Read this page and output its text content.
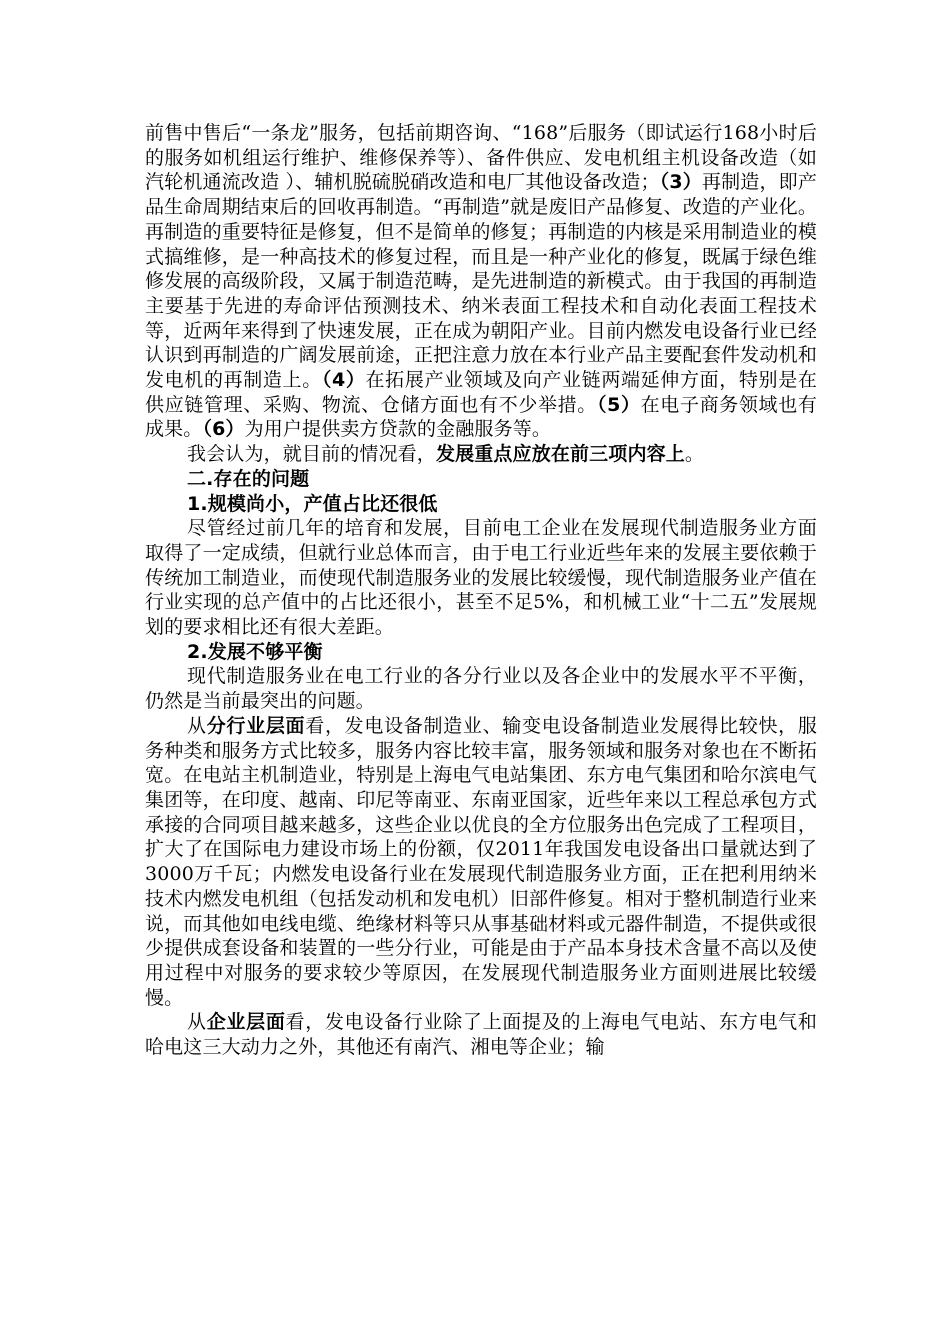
前售中售后“一条龙”服务，包括前期咨询、“168”后服务（即试运行168小时后的服务如机组运行维护、维修保养等）、备件供应、发电机组主机设备改造（如汽轮机通流改造 ）、辅机脱硫脱硝改造和电厂其他设备改造；（3）再制造，即产品生命周期结束后的回收再制造。“再制造”就是废旧产品修复、改造的产业化。再制造的重要特征是修复，但不是简单的修复；再制造的内核是采用制造业的模式搞维修，是一种高技术的修复过程，而且是一种产业化的修复，既属于绿色维修发展的高级阶段，又属于制造范畴，是先进制造的新模式。由于我国的再制造主要基于先进的寿命评估预测技术、纳米表面工程技术和自动化表面工程技术等，近两年来得到了快速发展，正在成为朝阳产业。目前内燃发电设备行业已经认识到再制造的广阔发展前途，正把注意力放在本行业产品主要配套件发动机和发电机的再制造上。（4）在拓展产业领域及向产业链两端延伸方面，特别是在供应链管理、采购、物流、仓储方面也有不少举措。（5）在电子商务领域也有成果。（6）为用户提供卖方贷款的金融服务等。

我会认为，就目前的情况看，发展重点应放在前三项内容上。

二.存在的问题

1.规模尚小，产值占比还很低

尽管经过前几年的培育和发展，目前电工企业在发展现代制造服务业方面取得了一定成绩，但就行业总体而言，由于电工行业近些年来的发展主要依赖于传统加工制造业，而使现代制造服务业的发展比较缓慢，现代制造服务业产值在行业实现的总产值中的占比还很小，甚至不足5%，和机械工业“十二五”发展规划的要求相比还有很大差距。

2.发展不够平衡

现代制造服务业在电工行业的各分行业以及各企业中的发展水平不平衡，仍然是当前最突出的问题。

从分行业层面看，发电设备制造业、输变电设备制造业发展得比较快，服务种类和服务方式比较多，服务内容比较丰富，服务领域和服务对象也在不断拓宽。在电站主机制造业，特别是上海电气电站集团、东方电气集团和哈尔滨电气集团等，在印度、越南、印尼等南亚、东南亚国家，近些年来以工程总承包方式承接的合同项目越来越多，这些企业以优良的全方位服务出色完成了工程项目，扩大了在国际电力建设市场上的份额，仅2011年我国发电设备出口量就达到了3000万千瓦；内燃发电设备行业在发展现代制造服务业方面，正在把利用纳米技术内燃发电机组（包括发动机和发电机）旧部件修复。相对于整机制造行业来说，而其他如电线电缆、绝缘材料等只从事基础材料或元器件制造，不提供或很少提供成套设备和装置的一些分行业，可能是由于产品本身技术含量不高以及使用过程中对服务的要求较少等原因，在发展现代制造服务业方面则进展比较缓慢。

从企业层面看，发电设备行业除了上面提及的上海电气电站、东方电气和哈电这三大动力之外，其他还有南汽、湘电等企业；输
